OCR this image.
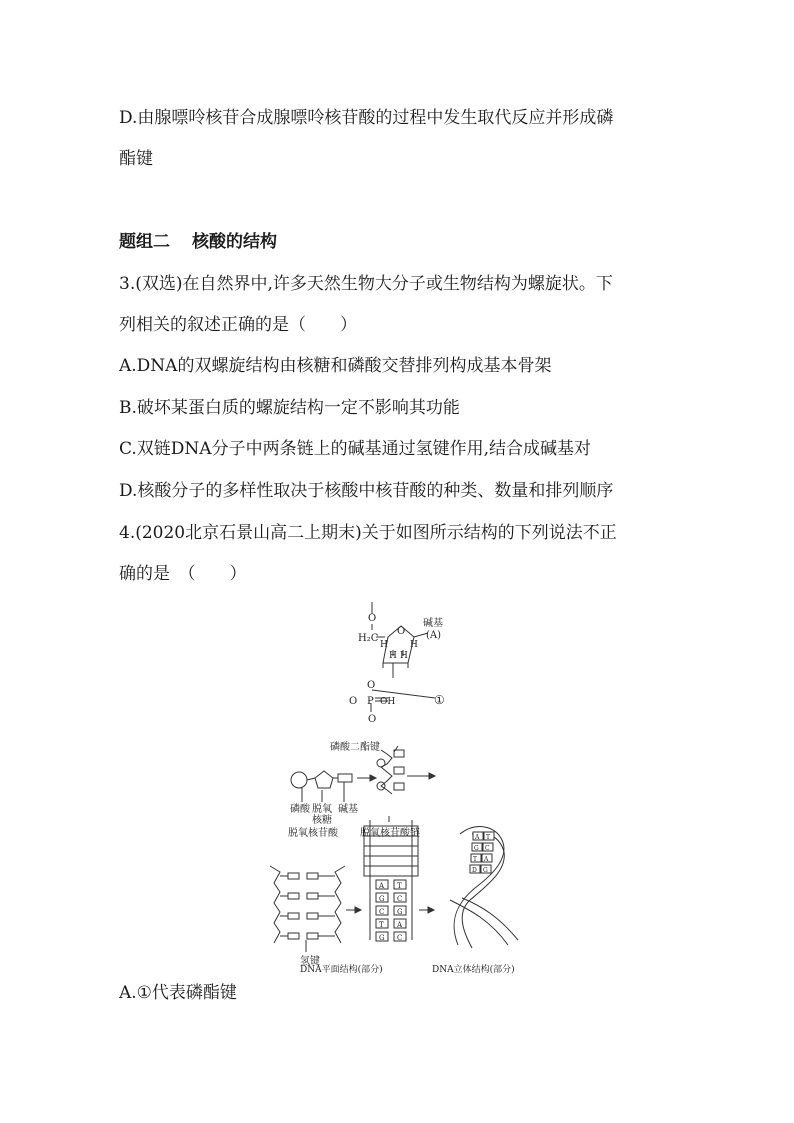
D.由腺嘌呤核苷合成腺嘌呤核苷酸的过程中发生取代反应并形成磷
酯键
题组二 核酸的结构
3.(双选)在自然界中,许多天然生物大分子或生物结构为螺旋状。下
列相关的叙述正确的是（　　）
A.DNA的双螺旋结构由核糖和磷酸交替排列构成基本骨架
B.破坏某蛋白质的螺旋结构一定不影响其功能
C.双链DNA分子中两条链上的碱基通过氢键作用,结合成碱基对
D.核酸分子的多样性取决于核酸中核苷酸的种类、数量和排列顺序
4.(2020北京石景山高二上期末)关于如图所示结构的下列说法不正
确的是　（　　）
A T
G C
C G
T A
G C
A T
G C
T A
D G
O
H₂C
O
碱基
(A)
H H
H H
O
O P OH
O
①
磷酸二酯键
磷酸 脱氧
核糖
碱基
脱氧核苷酸 脱氧核苷酸链
氢键
DNA平面结构(部分)	DNA立体结构(部分)
A.①代表磷酯键
